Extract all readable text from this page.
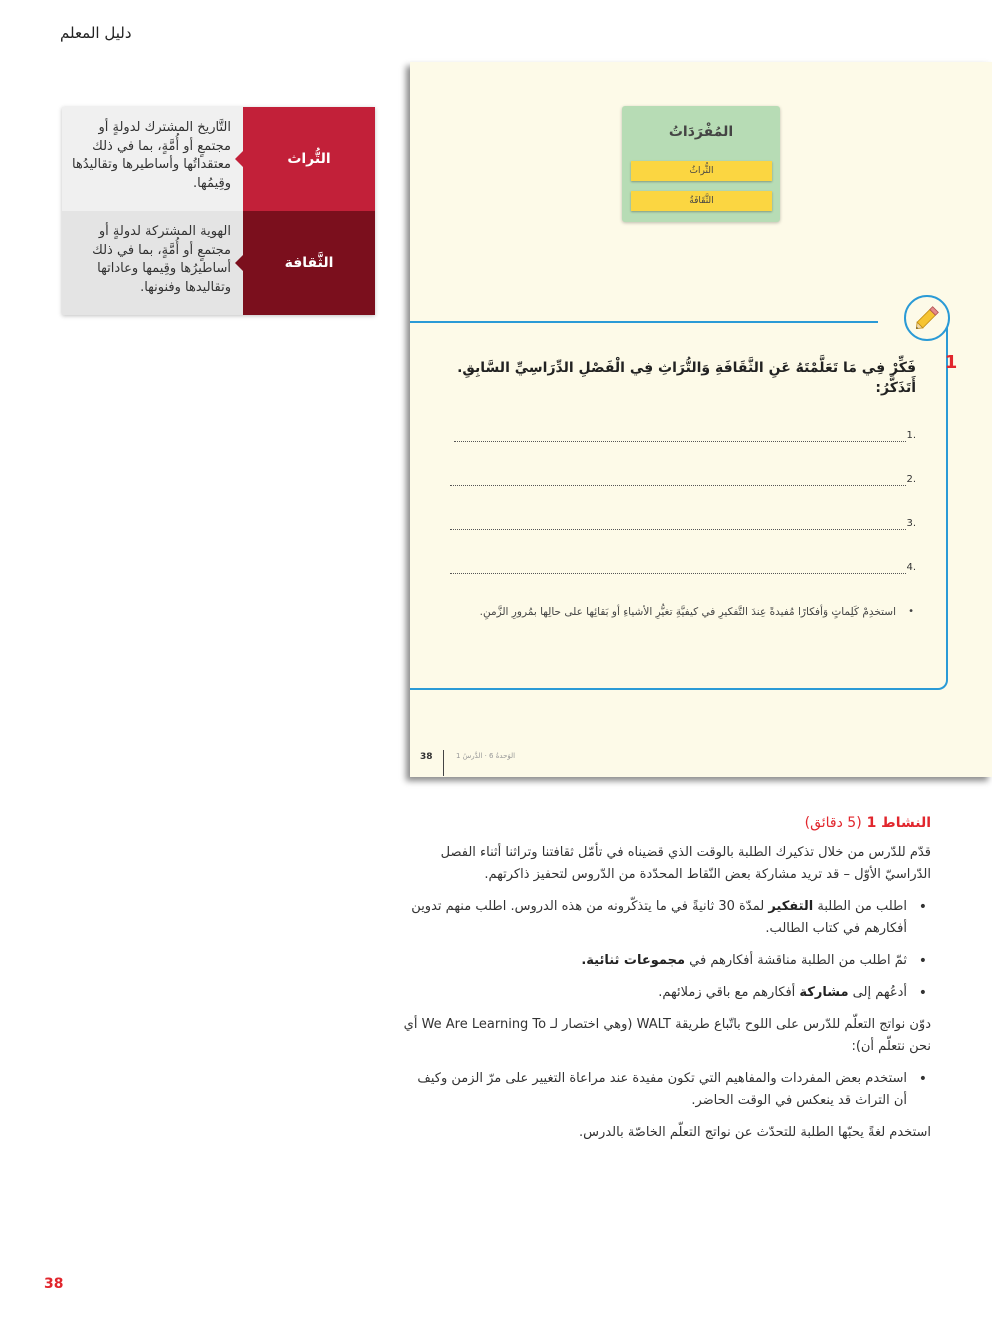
دليل المعلم
التَّاريخ المشترك لدولةٍ أو مجتمعٍ أو أُمَّةٍ، بما في ذلك معتقداتُها وأساطيرها وتقاليدُها وقِيمُها.
التُّراث
الهوية المشتركة لدولةٍ أو مجتمعٍ أو أُمَّةٍ، بما في ذلك أساطيرُها وقِيمها وعاداتها وتقاليدها وفنونها.
الثَّقافة
المُفْرَدَاتُ
الثُّراثُ
الثَّقَافَةُ
1
فَكِّرْ فِي مَا تَعَلَّمْتَهُ عَنِ الثَّقَافَةِ وَالتُّرَاثِ فِي الْفَصْلِ الدِّرَاسِيِّ السَّابِقِ.
أَتَذَكَّرُ:
1.
2.
3.
4.
•
استخدِمْ كَلِماتٍ وَأفكارًا مُفيدةً عِندَ التَّفكيرِ في كيفيَّةِ تغيُّرِ الأشياءِ أو بَقائِها على حالِها بمُرورِ الزَّمنِ.
38	الوَحدةُ 6 · الدَّرسُ 1
النشاط 1 (5 دقائق)
قدّم للدّرس من خلال تذكيرك الطلبة بالوقت الذي قضيناه في تأمّل ثقافتنا وتراثنا أثناء الفصل الدّراسيّ الأوّل – قد تريد مشاركة بعض النّقاط المحدّدة من الدّروس لتحفيز ذاكرتهم.
• اطلب من الطلبة التفكير لمدّة 30 ثانيةً في ما يتذكّرونه من هذه الدروس. اطلب منهم تدوين أفكارهم في كتاب الطالب.
• ثمّ اطلب من الطلبة مناقشة أفكارهم في مجموعات ثنائية.
• أدعُهم إلى مشاركة أفكارهم مع باقي زملائهم.
دوّن نواتج التعلّم للدّرس على اللوح باتّباع طريقة WALT (وهي اختصار لـ We Are Learning To أي نحن نتعلّم أن):
• استخدم بعض المفردات والمفاهيم التي تكون مفيدة عند مراعاة التغيير على مرّ الزمن وكيف أن التراث قد ينعكس في الوقت الحاضر.
استخدم لغةً يحبّها الطلبة للتحدّث عن نواتج التعلّم الخاصّة بالدرس.
38
